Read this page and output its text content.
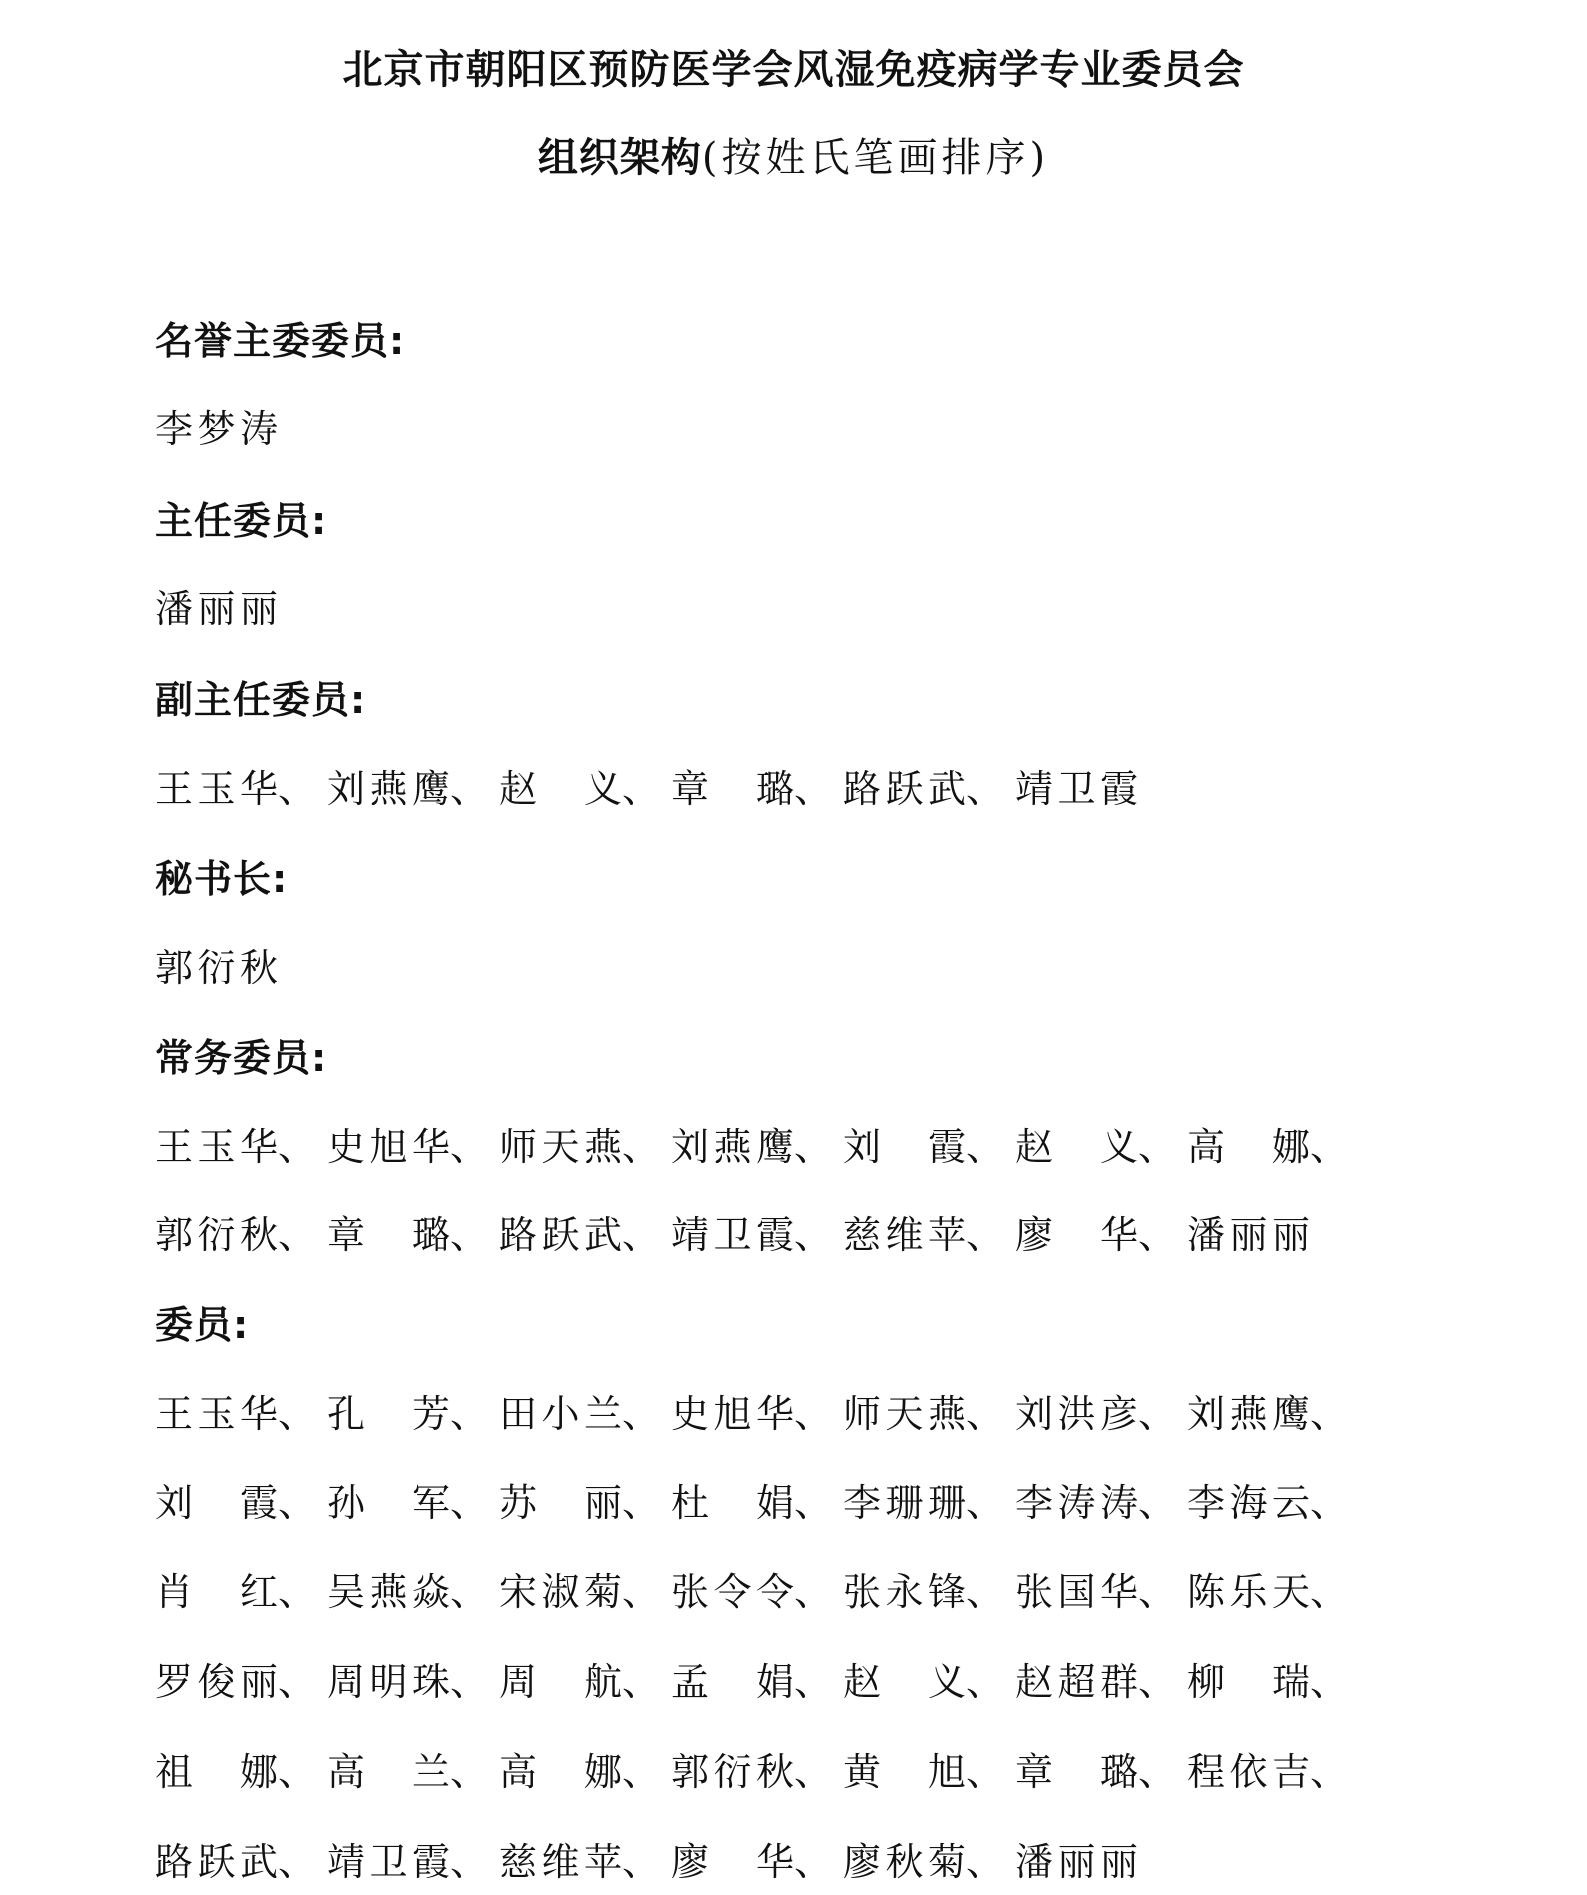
北京市朝阳区预防医学会风湿免疫病学专业委员会
组织架构(按姓氏笔画排序)
名誉主委委员:
李梦涛
主任委员:
潘丽丽
副主任委员:
王玉华、 刘燕鹰、 赵　义、 章　璐、 路跃武、 靖卫霞
秘书长:
郭衍秋
常务委员:
王玉华、 史旭华、 师天燕、 刘燕鹰、 刘　霞、 赵　义、 高　娜、
郭衍秋、 章　璐、 路跃武、 靖卫霞、 慈维苹、 廖　华、 潘丽丽
委员:
王玉华、 孔　芳、 田小兰、 史旭华、 师天燕、 刘洪彦、 刘燕鹰、
刘　霞、 孙　军、 苏　丽、 杜　娟、 李珊珊、 李涛涛、 李海云、
肖　红、 吴燕焱、 宋淑菊、 张令令、 张永锋、 张国华、 陈乐天、
罗俊丽、 周明珠、 周　航、 孟　娟、 赵　义、 赵超群、 柳　瑞、
祖　娜、 高　兰、 高　娜、 郭衍秋、 黄　旭、 章　璐、 程依吉、
路跃武、 靖卫霞、 慈维苹、 廖　华、 廖秋菊、 潘丽丽
